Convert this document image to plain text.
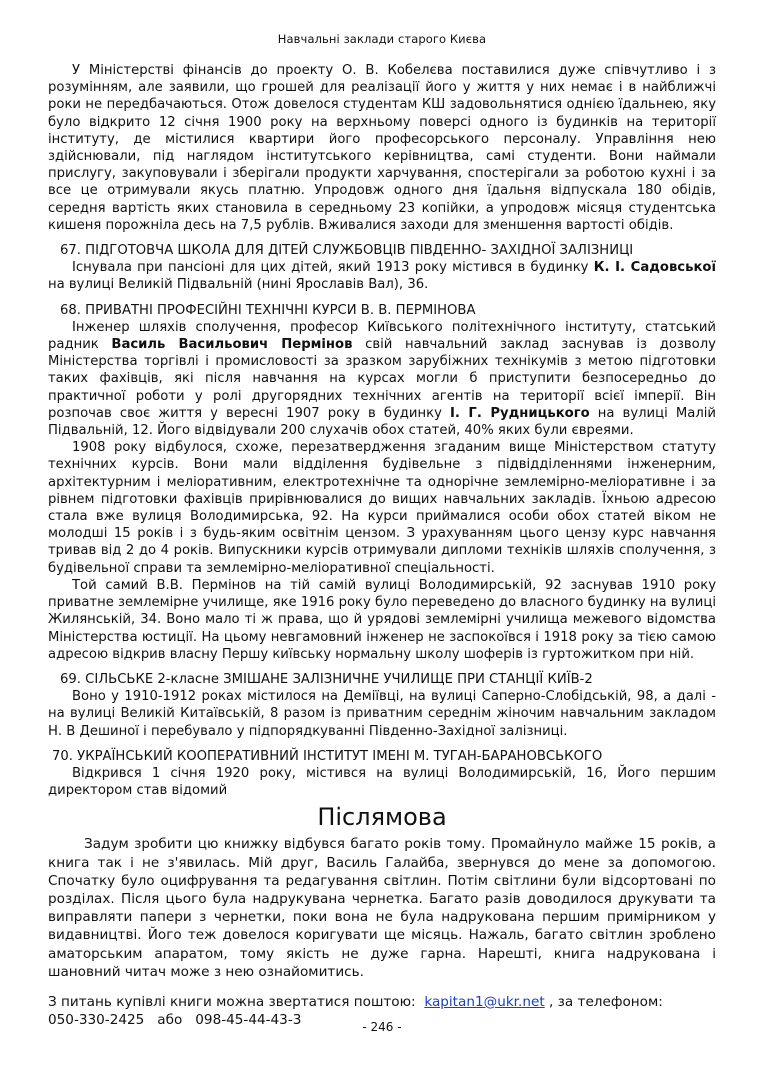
Навчальні заклади старого Києва

У Міністерстві фінансів до проекту О. В. Кобелєва поставилися дуже співчутливо і з розумінням, але заявили, що грошей для реалізації його у життя у них немає і в найближчі роки не передбачаються. Отож довелося студентам КШ задовольнятися однією їдальнею, яку було відкрито 12 січня 1900 року на верхньому поверсі одного із будинків на території інституту, де містилися квартири його професорського персоналу. Управління нею здійснювали, під наглядом інститутського керівництва, самі студенти. Вони наймали прислугу, закуповували і зберігали продукти харчування, спостерігали за роботою кухні і за все це отримували якусь платню. Упродовж одного дня їдальня відпускала 180 обідів, середня вартість яких становила в середньому 23 копійки, а упродовж місяця студентська кишеня порожніла десь на 7,5 рублів. Вживалися заходи для зменшення вартості обідів.

67. ПІДГОТОВЧА ШКОЛА ДЛЯ ДІТЕЙ СЛУЖБОВЦІВ ПІВДЕННО- ЗАХІДНОЇ ЗАЛІЗНИЦІ

Існувала при пансіоні для цих дітей, який 1913 року містився в будинку К. І. Садовської на вулиці Великій Підвальній (нині Ярославів Вал), 36.

68. ПРИВАТНІ ПРОФЕСІЙНІ ТЕХНІЧНІ КУРСИ В. В. ПЕРМІНОВА

Інженер шляхів сполучення, професор Київського політехнічного інституту, статський радник Василь Васильович Пермінов свій навчальний заклад заснував із дозволу Міністерства торгівлі і промисловості за зразком зарубіжних технікумів з метою підготовки таких фахівців, які після навчання на курсах могли б приступити безпосередньо до практичної роботи у ролі другорядних технічних агентів на території всієї імперії. Він розпочав своє життя у вересні 1907 року в будинку І. Г. Рудницького на вулиці Малій Підвальній, 12. Його відвідували 200 слухачів обох статей, 40% яких були євреями.

1908 року відбулося, схоже, перезатвердження згаданим вище Міністерством статуту технічних курсів. Вони мали відділення будівельне з підвідділеннями інженерним, архітектурним і меліоративним, електротехнічне та однорічне землемірно-меліоративне і за рівнем підготовки фахівців прирівнювалися до вищих навчальних закладів. Їхньою адресою стала вже вулиця Володимирська, 92. На курси приймалися особи обох статей віком не молодші 15 років і з будь-яким освітнім цензом. З урахуванням цього цензу курс навчання тривав від 2 до 4 років. Випускники курсів отримували дипломи техніків шляхів сполучення, з будівельної справи та землемірно-меліоративної спеціальності.

Той самий В.В. Пермінов на тій самій вулиці Володимирській, 92 заснував 1910 року приватне землемірне училище, яке 1916 року було переведено до власного будинку на вулиці Жилянській, 34. Воно мало ті ж права, що й урядові землемірні училища межевого відомства Міністерства юстиції. На цьому невгамовний інженер не заспокоївся і 1918 року за тією самою адресою відкрив власну Першу київську нормальну школу шоферів із гуртожитком при ній.

69. СІЛЬСЬКЕ 2-класне ЗМІШАНЕ ЗАЛІЗНИЧНЕ УЧИЛИЩЕ ПРИ СТАНЦІЇ КИЇВ-2

Воно у 1910-1912 роках містилося на Деміївці, на вулиці Саперно-Слобідській, 98, а далі - на вулиці Великій Китаївській, 8 разом із приватним середнім жіночим навчальним закладом Н. В Дешиної і перебувало у підпорядкуванні Південно-Західної залізниці.

70. УКРАЇНСЬКИЙ КООПЕРАТИВНИЙ ІНСТИТУТ ІМЕНІ М. ТУГАН-БАРАНОВСЬКОГО

Відкрився 1 січня 1920 року, містився на вулиці Володимирській, 16, Його першим директором став відомий

Післямова

Задум зробити цю книжку відбувся багато років тому. Промайнуло майже 15 років, а книга так і не з'явилась. Мій друг, Василь Галайба, звернувся до мене за допомогою. Спочатку було оцифрування та редагування світлин. Потім світлини були відсортовані по розділах. Після цього була надрукувана чернетка. Багато разів доводилося друкувати та виправляти папери з чернетки, поки вона не була надрукована першим примірником у видавництві. Його теж довелося коригувати ще місяць. Нажаль, багато світлин зроблено аматорським апаратом, тому якість не дуже гарна. Нарешті, книга надрукована і шановний читач може з нею ознайомитись.

З питань купівлі книги можна звертатися поштою: kapitan1@ukr.net , за телефоном:
050-330-2425 або 098-45-44-43-3	- 246 -
